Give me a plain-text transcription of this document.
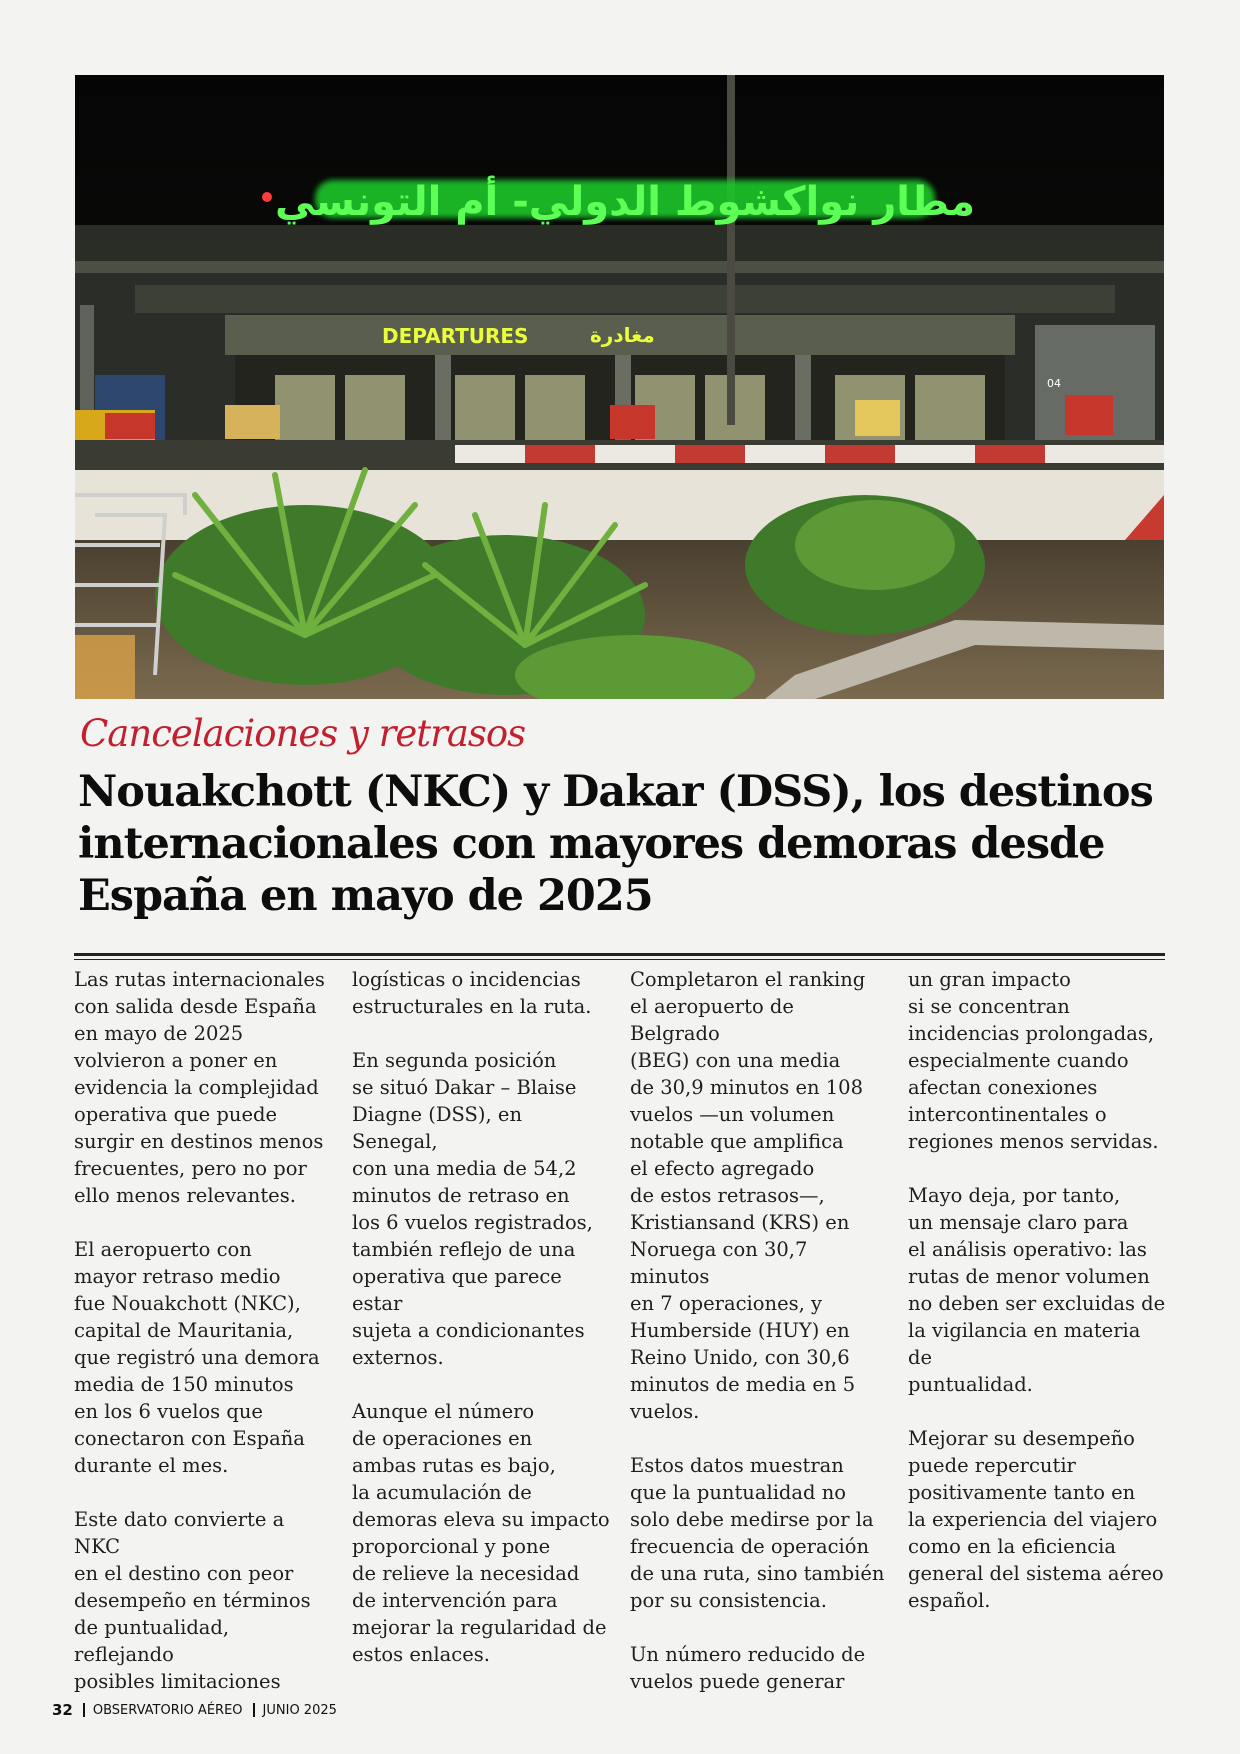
مطار نواكشوط الدولي- أم التونسي
DEPARTURES	مغادرة
04
Cancelaciones y retrasos
Nouakchott (NKC) y Dakar (DSS), los destinos internacionales con mayores demoras desde España en mayo de 2025

Las rutas internacionales
con salida desde España
en mayo de 2025
volvieron a poner en
evidencia la complejidad
operativa que puede
surgir en destinos menos
frecuentes, pero no por
ello menos relevantes.

El aeropuerto con
mayor retraso medio
fue Nouakchott (NKC),
capital de Mauritania,
que registró una demora
media de 150 minutos
en los 6 vuelos que
conectaron con España
durante el mes.

Este dato convierte a NKC
en el destino con peor
desempeño en términos
de puntualidad, reflejando
posibles limitaciones

logísticas o incidencias
estructurales en la ruta.

En segunda posición
se situó Dakar – Blaise
Diagne (DSS), en Senegal,
con una media de 54,2
minutos de retraso en
los 6 vuelos registrados,
también reflejo de una
operativa que parece estar
sujeta a condicionantes
externos.

Aunque el número
de operaciones en
ambas rutas es bajo,
la acumulación de
demoras eleva su impacto
proporcional y pone
de relieve la necesidad
de intervención para
mejorar la regularidad de
estos enlaces.

Completaron el ranking
el aeropuerto de Belgrado
(BEG) con una media
de 30,9 minutos en 108
vuelos —un volumen
notable que amplifica
el efecto agregado
de estos retrasos—,
Kristiansand (KRS) en
Noruega con 30,7 minutos
en 7 operaciones, y
Humberside (HUY) en
Reino Unido, con 30,6
minutos de media en 5
vuelos.

Estos datos muestran
que la puntualidad no
solo debe medirse por la
frecuencia de operación
de una ruta, sino también
por su consistencia.

Un número reducido de
vuelos puede generar

un gran impacto
si se concentran
incidencias prolongadas,
especialmente cuando
afectan conexiones
intercontinentales o
regiones menos servidas.

Mayo deja, por tanto,
un mensaje claro para
el análisis operativo: las
rutas de menor volumen
no deben ser excluidas de
la vigilancia en materia de
puntualidad.

Mejorar su desempeño
puede repercutir
positivamente tanto en
la experiencia del viajero
como en la eficiencia
general del sistema aéreo
español.

32 OBSERVATORIO AÉREO JUNIO 2025
